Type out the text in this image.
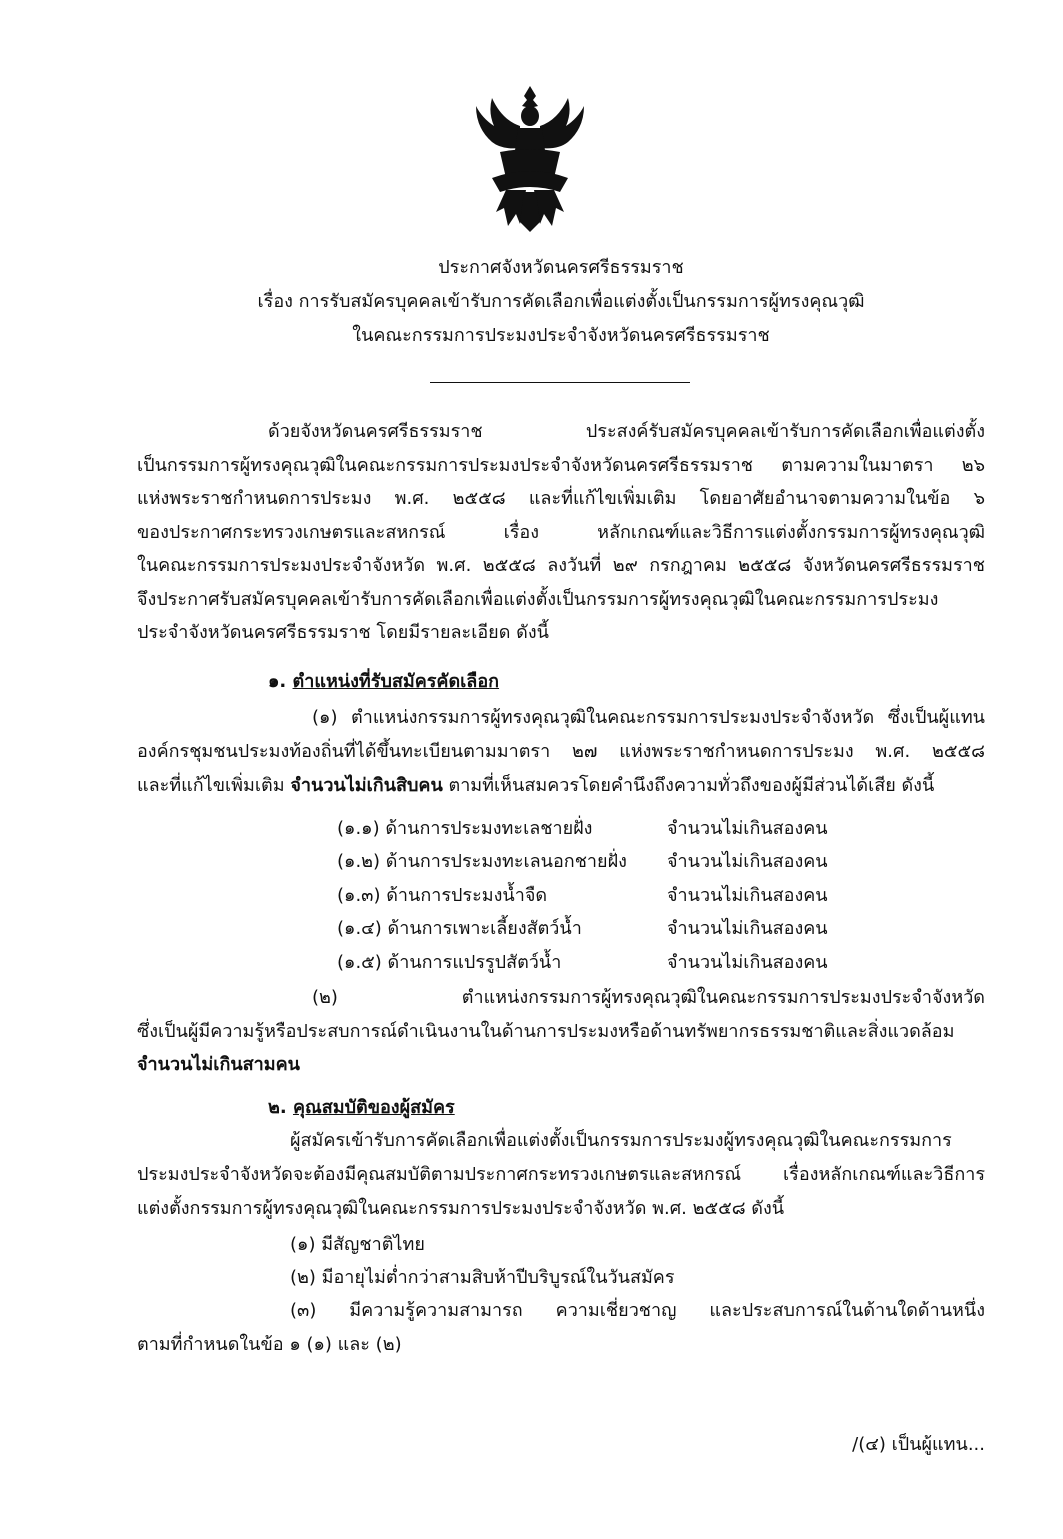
ประกาศจังหวัดนครศรีธรรมราช
เรื่อง การรับสมัครบุคคลเข้ารับการคัดเลือกเพื่อแต่งตั้งเป็นกรรมการผู้ทรงคุณวุฒิ
ในคณะกรรมการประมงประจำจังหวัดนครศรีธรรมราช
ด้วยจังหวัดนครศรีธรรมราช ประสงค์รับสมัครบุคคลเข้ารับการคัดเลือกเพื่อแต่งตั้ง
เป็นกรรมการผู้ทรงคุณวุฒิในคณะกรรมการประมงประจำจังหวัดนครศรีธรรมราช ตามความในมาตรา ๒๖
แห่งพระราชกำหนดการประมง พ.ศ. ๒๕๕๘ และที่แก้ไขเพิ่มเติม โดยอาศัยอำนาจตามความในข้อ ๖
ของประกาศกระทรวงเกษตรและสหกรณ์ เรื่อง หลักเกณฑ์และวิธีการแต่งตั้งกรรมการผู้ทรงคุณวุฒิ
ในคณะกรรมการประมงประจำจังหวัด พ.ศ. ๒๕๕๘ ลงวันที่ ๒๙ กรกฎาคม ๒๕๕๘ จังหวัดนครศรีธรรมราช
จึงประกาศรับสมัครบุคคลเข้ารับการคัดเลือกเพื่อแต่งตั้งเป็นกรรมการผู้ทรงคุณวุฒิในคณะกรรมการประมง
ประจำจังหวัดนครศรีธรรมราช โดยมีรายละเอียด ดังนี้
๑. ตำแหน่งที่รับสมัครคัดเลือก
(๑) ตำแหน่งกรรมการผู้ทรงคุณวุฒิในคณะกรรมการประมงประจำจังหวัด ซึ่งเป็นผู้แทน
องค์กรชุมชนประมงท้องถิ่นที่ได้ขึ้นทะเบียนตามมาตรา ๒๗ แห่งพระราชกำหนดการประมง พ.ศ. ๒๕๕๘
และที่แก้ไขเพิ่มเติม จำนวนไม่เกินสิบคน ตามที่เห็นสมควรโดยคำนึงถึงความทั่วถึงของผู้มีส่วนได้เสีย ดังนี้
(๑.๑) ด้านการประมงทะเลชายฝั่ง	จำนวนไม่เกินสองคน
(๑.๒) ด้านการประมงทะเลนอกชายฝั่ง จำนวนไม่เกินสองคน
(๑.๓) ด้านการประมงน้ำจืด	จำนวนไม่เกินสองคน
(๑.๔) ด้านการเพาะเลี้ยงสัตว์น้ำ	จำนวนไม่เกินสองคน
(๑.๕) ด้านการแปรรูปสัตว์น้ำ	จำนวนไม่เกินสองคน
(๒) ตำแหน่งกรรมการผู้ทรงคุณวุฒิในคณะกรรมการประมงประจำจังหวัด
ซึ่งเป็นผู้มีความรู้หรือประสบการณ์ดำเนินงานในด้านการประมงหรือด้านทรัพยากรธรรมชาติและสิ่งแวดล้อม
จำนวนไม่เกินสามคน
๒. คุณสมบัติของผู้สมัคร
ผู้สมัครเข้ารับการคัดเลือกเพื่อแต่งตั้งเป็นกรรมการประมงผู้ทรงคุณวุฒิในคณะกรรมการ
ประมงประจำจังหวัดจะต้องมีคุณสมบัติตามประกาศกระทรวงเกษตรและสหกรณ์ เรื่องหลักเกณฑ์และวิธีการ
แต่งตั้งกรรมการผู้ทรงคุณวุฒิในคณะกรรมการประมงประจำจังหวัด พ.ศ. ๒๕๕๘ ดังนี้
(๑) มีสัญชาติไทย
(๒) มีอายุไม่ต่ำกว่าสามสิบห้าปีบริบูรณ์ในวันสมัคร
(๓) มีความรู้ความสามารถ ความเชี่ยวชาญ และประสบการณ์ในด้านใดด้านหนึ่ง
ตามที่กำหนดในข้อ ๑ (๑) และ (๒)
/(๔) เป็นผู้แทน...
